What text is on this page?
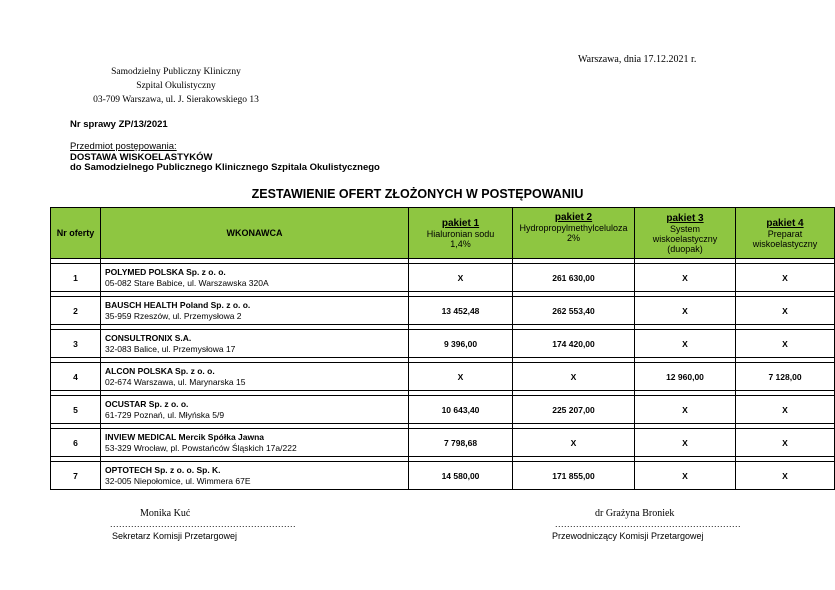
Warszawa, dnia 17.12.2021 r.
Samodzielny Publiczny Kliniczny
Szpital Okulistyczny
03-709 Warszawa, ul. J. Sierakowskiego 13
Nr sprawy ZP/13/2021
Przedmiot postępowania:
DOSTAWA WISKOELASTYKÓW
do Samodzielnego Publicznego Klinicznego Szpitala Okulistycznego
ZESTAWIENIE OFERT ZŁOŻONYCH W POSTĘPOWANIU
Nr oferty	WKONAWCA	pakiet 1
Hialuronian sodu
1,4%	pakiet 2
Hydropropylmethylceluloza
2%	pakiet 3
System
wiskoelastyczny
(duopak)	pakiet 4
Preparat
wiskoelastyczny

1	POLYMED POLSKA Sp. z o. o.
05-082 Stare Babice, ul. Warszawska 320A	X	261 630,00	X	X

2	BAUSCH HEALTH Poland Sp. z o. o.
35-959 Rzeszów, ul. Przemysłowa 2	13 452,48	262 553,40	X	X

3	CONSULTRONIX S.A.
32-083 Balice, ul. Przemysłowa 17	9 396,00	174 420,00	X	X

4	ALCON POLSKA Sp. z o. o.
02-674 Warszawa, ul. Marynarska 15	X	X	12 960,00	7 128,00

5	OCUSTAR Sp. z o. o.
61-729 Poznań, ul. Młyńska 5/9	10 643,40	225 207,00	X	X

6	INVIEW MEDICAL Mercik Spółka Jawna
53-329 Wrocław, pl. Powstańców Śląskich 17a/222	7 798,68	X	X	X

7	OPTOTECH Sp. z o. o. Sp. K.
32-005 Niepołomice, ul. Wimmera 67E	14 580,00	171 855,00	X	X
Monika Kuć
..............................................................
Sekretarz Komisji Przetargowej
dr Grażyna Broniek
..............................................................
Przewodniczący Komisji Przetargowej
